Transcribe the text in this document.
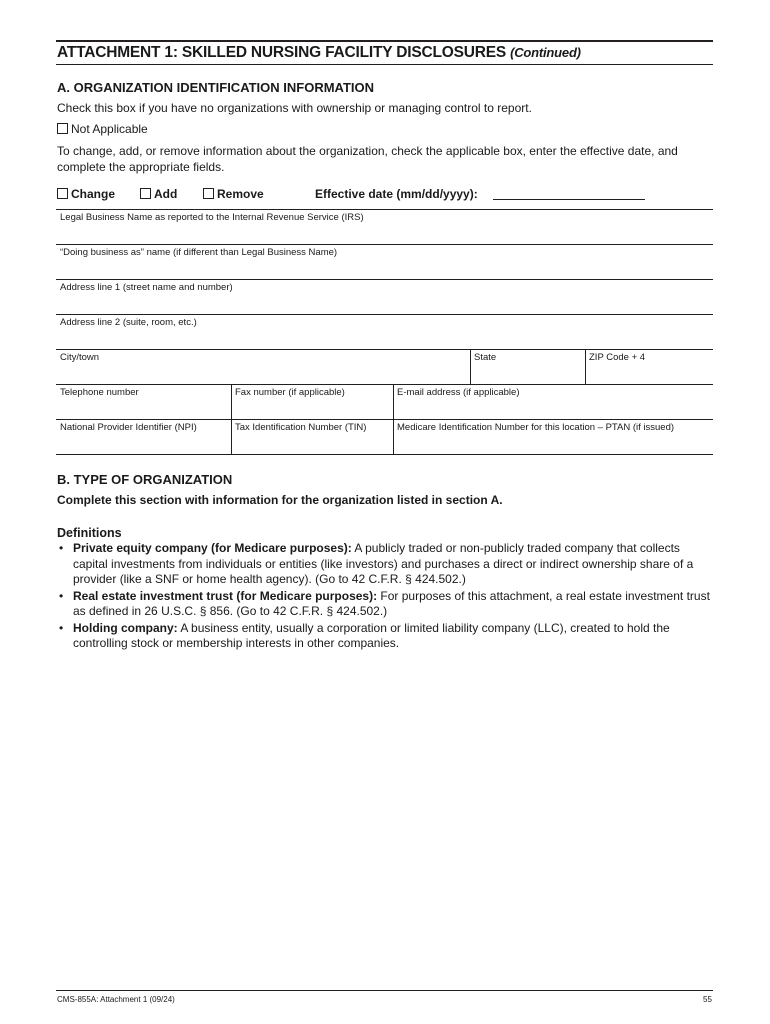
ATTACHMENT 1: SKILLED NURSING FACILITY DISCLOSURES (Continued)
A. ORGANIZATION IDENTIFICATION INFORMATION
Check this box if you have no organizations with ownership or managing control to report.
Not Applicable
To change, add, or remove information about the organization, check the applicable box, enter the effective date, and complete the appropriate fields.
Change	Add	Remove	Effective date (mm/dd/yyyy):
Legal Business Name as reported to the Internal Revenue Service (IRS)
“Doing business as” name (if different than Legal Business Name)
Address line 1 (street name and number)
Address line 2 (suite, room, etc.)
City/town	State	ZIP Code + 4
Telephone number	Fax number (if applicable)	E-mail address (if applicable)
National Provider Identifier (NPI)	Tax Identification Number (TIN)	Medicare Identification Number for this location – PTAN (if issued)
B. TYPE OF ORGANIZATION
Complete this section with information for the organization listed in section A.
Definitions
• Private equity company (for Medicare purposes): A publicly traded or non-publicly traded company that collects capital investments from individuals or entities (like investors) and purchases a direct or indirect ownership share of a provider (like a SNF or home health agency). (Go to 42 C.F.R. § 424.502.)
• Real estate investment trust (for Medicare purposes): For purposes of this attachment, a real estate investment trust as defined in 26 U.S.C. § 856. (Go to 42 C.F.R. § 424.502.)
• Holding company: A business entity, usually a corporation or limited liability company (LLC), created to hold the controlling stock or membership interests in other companies.
CMS-855A: Attachment 1 (09/24)	55
